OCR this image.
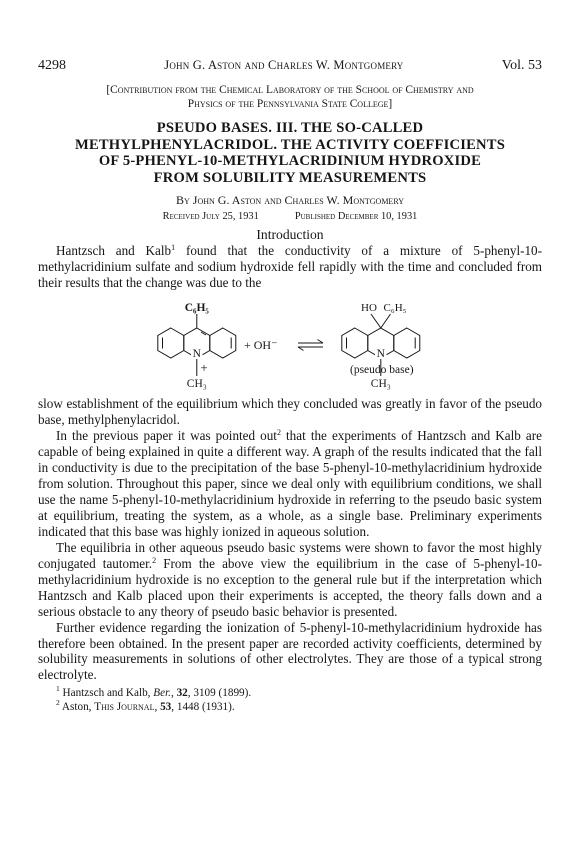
4298	John G. Aston and Charles W. Montgomery	Vol. 53
[Contribution from the Chemical Laboratory of the School of Chemistry and
Physics of the Pennsylvania State College]
PSEUDO BASES. III. THE SO-CALLED
METHYLPHENYLACRIDOL. THE ACTIVITY COEFFICIENTS
OF 5-PHENYL-10-METHYLACRIDINIUM HYDROXIDE
FROM SOLUBILITY MEASUREMENTS
By John G. Aston and Charles W. Montgomery
Received July 25, 1931	Published December 10, 1931
Introduction

Hantzsch and Kalb$^1$ found that the conductivity of a mixture of 5-phenyl-10-methylacridinium sulfate and sodium hydroxide fell rapidly with the time and concluded from their results that the change was due to the

C₆H₅
N
+
CH₃
+ OH⁻
HO C₆H₅
N
CH₃
(pseudo base)

slow establishment of the equilibrium which they concluded was greatly in favor of the pseudo base, methylphenylacridol.

In the previous paper it was pointed out$^2$ that the experiments of Hantzsch and Kalb are capable of being explained in quite a different way. A graph of the results indicated that the fall in conductivity is due to the precipitation of the base 5-phenyl-10-methylacridinium hydroxide from solution. Throughout this paper, since we deal only with equilibrium conditions, we shall use the name 5-phenyl-10-methylacridinium hydroxide in referring to the pseudo basic system at equilibrium, treating the system, as a whole, as a single base. Preliminary experiments indicated that this base was highly ionized in aqueous solution.

The equilibria in other aqueous pseudo basic systems were shown to favor the most highly conjugated tautomer.$^2$ From the above view the equilibrium in the case of 5-phenyl-10-methylacridinium hydroxide is no exception to the general rule but if the interpretation which Hantzsch and Kalb placed upon their experiments is accepted, the theory falls down and a serious obstacle to any theory of pseudo basic behavior is presented.

Further evidence regarding the ionization of 5-phenyl-10-methylacridinium hydroxide has therefore been obtained. In the present paper are recorded activity coefficients, determined by solubility measurements in solutions of other electrolytes. They are those of a typical strong electrolyte.

$^1$ Hantzsch and Kalb, Ber., 32, 3109 (1899).
$^2$ Aston, This Journal, 53, 1448 (1931).
